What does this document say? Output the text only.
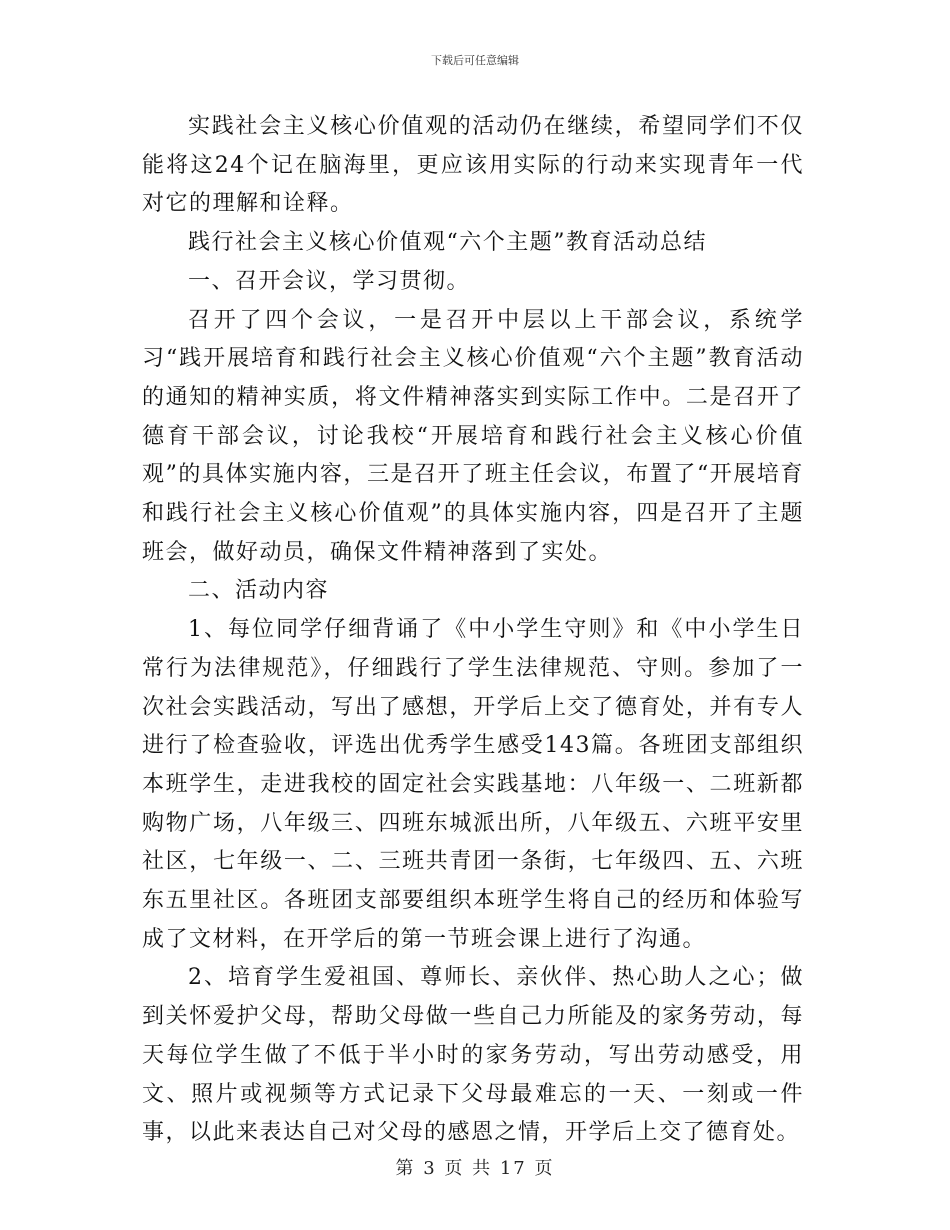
下载后可任意编辑

实践社会主义核心价值观的活动仍在继续，希望同学们不仅能将这24个记在脑海里，更应该用实际的行动来实现青年一代对它的理解和诠释。

践行社会主义核心价值观“六个主题”教育活动总结

一、召开会议，学习贯彻。

召开了四个会议，一是召开中层以上干部会议，系统学习“践开展培育和践行社会主义核心价值观“六个主题”教育活动的通知的精神实质，将文件精神落实到实际工作中。二是召开了德育干部会议，讨论我校“开展培育和践行社会主义核心价值观”的具体实施内容，三是召开了班主任会议，布置了“开展培育和践行社会主义核心价值观”的具体实施内容，四是召开了主题班会，做好动员，确保文件精神落到了实处。

二、活动内容

1、每位同学仔细背诵了《中小学生守则》和《中小学生日常行为法律规范》，仔细践行了学生法律规范、守则。参加了一次社会实践活动，写出了感想，开学后上交了德育处，并有专人进行了检查验收，评选出优秀学生感受143篇。各班团支部组织本班学生，走进我校的固定社会实践基地：八年级一、二班新都购物广场，八年级三、四班东城派出所，八年级五、六班平安里社区，七年级一、二、三班共青团一条街，七年级四、五、六班东五里社区。各班团支部要组织本班学生将自己的经历和体验写成了文材料，在开学后的第一节班会课上进行了沟通。

2、培育学生爱祖国、尊师长、亲伙伴、热心助人之心；做到关怀爱护父母，帮助父母做一些自己力所能及的家务劳动，每天每位学生做了不低于半小时的家务劳动，写出劳动感受，用文、照片或视频等方式记录下父母最难忘的一天、一刻或一件事，以此来表达自己对父母的感恩之情，开学后上交了德育处。

第 3 页 共 17 页
